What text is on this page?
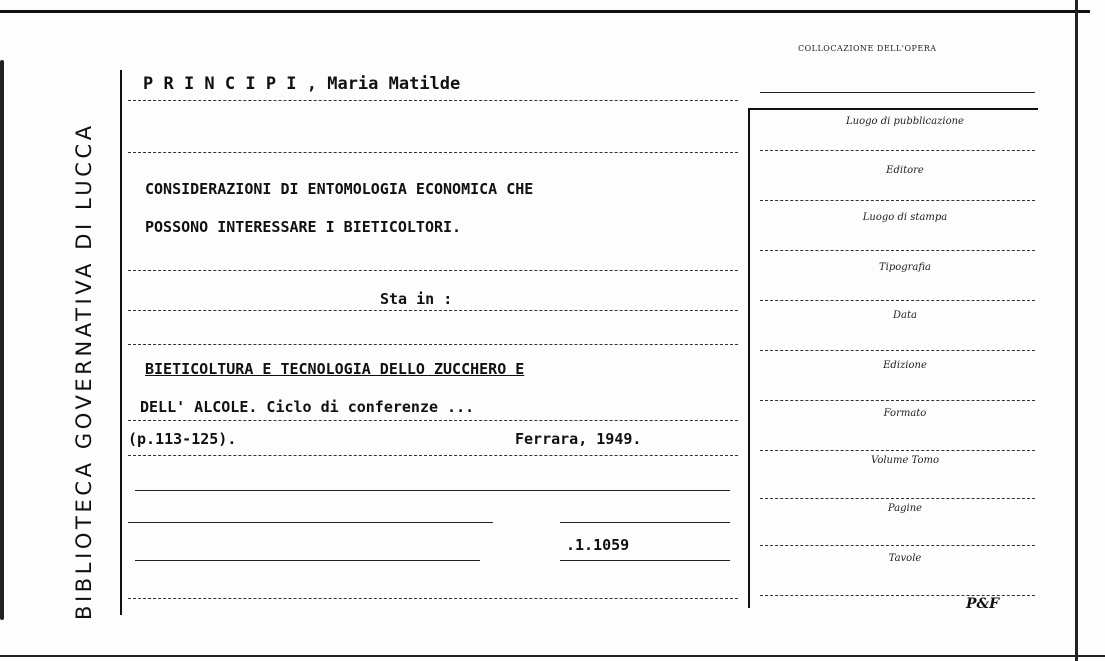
BIBLIOTECA GOVERNATIVA DI LUCCA
P R I N C I P I , Maria Matilde
CONSIDERAZIONI DI ENTOMOLOGIA ECONOMICA CHE
POSSONO INTERESSARE I BIETICOLTORI.
Sta in :
BIETICOLTURA E TECNOLOGIA DELLO ZUCCHERO E
DELL' ALCOLE. Ciclo di conferenze ...
(p.113-125).	Ferrara, 1949.
.1.1059
COLLOCAZIONE DELL'OPERA
Luogo di pubblicazione
Editore
Luogo di stampa
Tipografia
Data
Edizione
Formato
Volume Tomo
Pagine
Tavole
P&F
